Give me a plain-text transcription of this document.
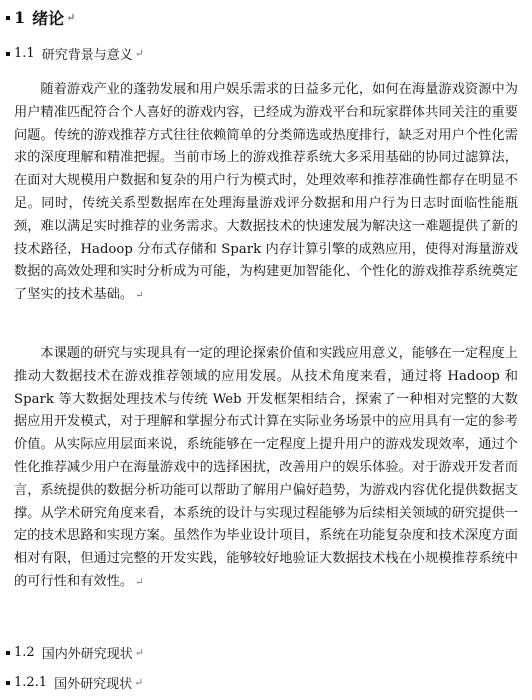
1 绪论 ↵
1.1 研究背景与意义 ↵

随着游戏产业的蓬勃发展和用户娱乐需求的日益多元化，如何在海量游戏资源中为用户精准匹配符合个人喜好的游戏内容，已经成为游戏平台和玩家群体共同关注的重要问题。传统的游戏推荐方式往往依赖简单的分类筛选或热度排行，缺乏对用户个性化需求的深度理解和精准把握。当前市场上的游戏推荐系统大多采用基础的协同过滤算法，在面对大规模用户数据和复杂的用户行为模式时，处理效率和推荐准确性都存在明显不足。同时，传统关系型数据库在处理海量游戏评分数据和用户行为日志时面临性能瓶颈，难以满足实时推荐的业务需求。大数据技术的快速发展为解决这一难题提供了新的技术路径，Hadoop 分布式存储和 Spark 内存计算引擎的成熟应用，使得对海量游戏数据的高效处理和实时分析成为可能，为构建更加智能化、个性化的游戏推荐系统奠定了坚实的技术基础。 ↵

本课题的研究与实现具有一定的理论探索价值和实践应用意义，能够在一定程度上推动大数据技术在游戏推荐领域的应用发展。从技术角度来看，通过将 Hadoop 和 Spark 等大数据处理技术与传统 Web 开发框架相结合，探索了一种相对完整的大数据应用开发模式，对于理解和掌握分布式计算在实际业务场景中的应用具有一定的参考价值。从实际应用层面来说，系统能够在一定程度上提升用户的游戏发现效率，通过个性化推荐减少用户在海量游戏中的选择困扰，改善用户的娱乐体验。对于游戏开发者而言，系统提供的数据分析功能可以帮助了解用户偏好趋势，为游戏内容优化提供数据支撑。从学术研究角度来看，本系统的设计与实现过程能够为后续相关领域的研究提供一定的技术思路和实现方案。虽然作为毕业设计项目，系统在功能复杂度和技术深度方面相对有限，但通过完整的开发实践，能够较好地验证大数据技术栈在小规模推荐系统中的可行性和有效性。 ↵

1.2 国内外研究现状 ↵
1.2.1 国外研究现状 ↵
